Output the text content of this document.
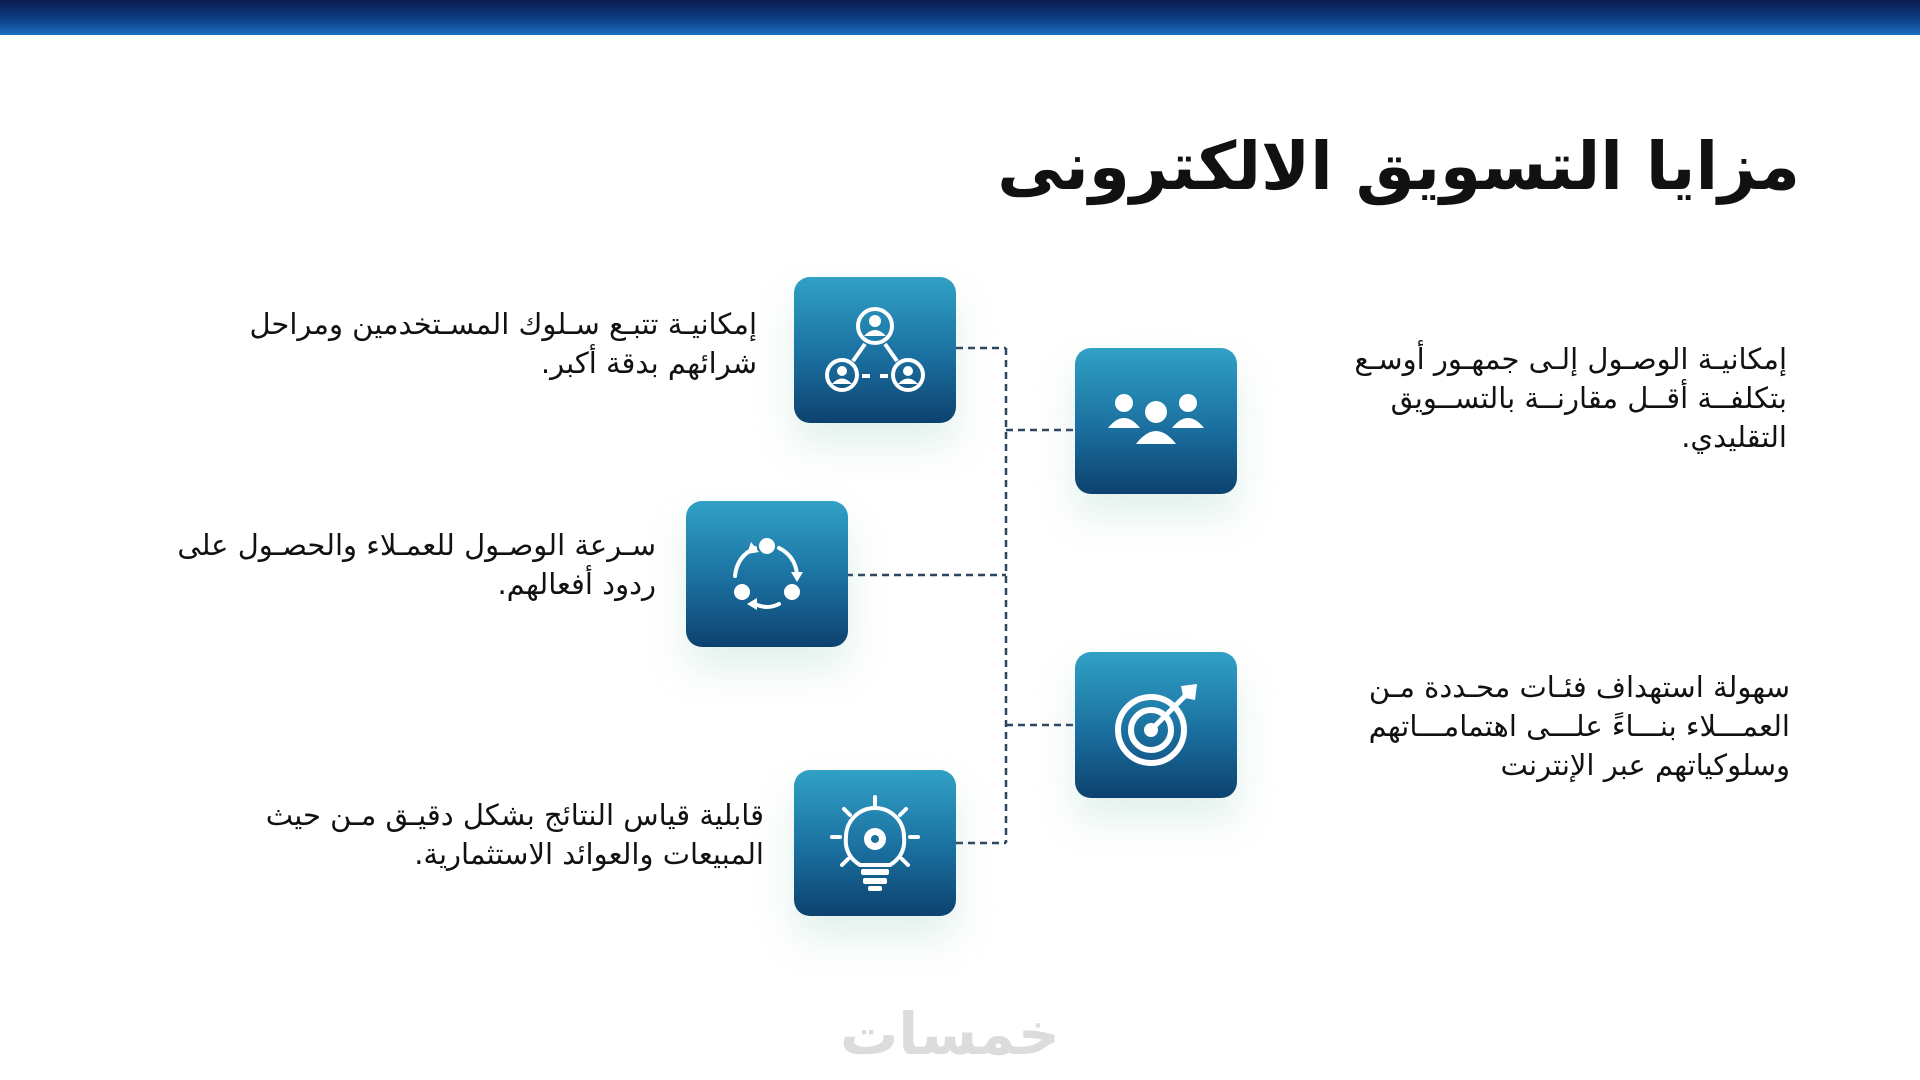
مزايا التسويق الالكترونى
إمكانيـة تتبـع سـلوك المسـتخدمين ومراحل شرائهم بدقة أكبر.	إمكانيـة الوصـول إلـى جمهـور أوسـع بتكلفــة أقــل مقارنــة بالتســويق التقليدي.
سـرعة الوصـول للعمـلاء والحصـول على ردود أفعالهم.
سهولة استهداف فئـات محـددة مـن العمـــلاء بنـــاءً علـــى اهتمامـــاتهم وسلوكياتهم عبر الإنترنت
قابلية قياس النتائج بشكل دقيـق مـن حيث المبيعات والعوائد الاستثمارية.
خمسات
